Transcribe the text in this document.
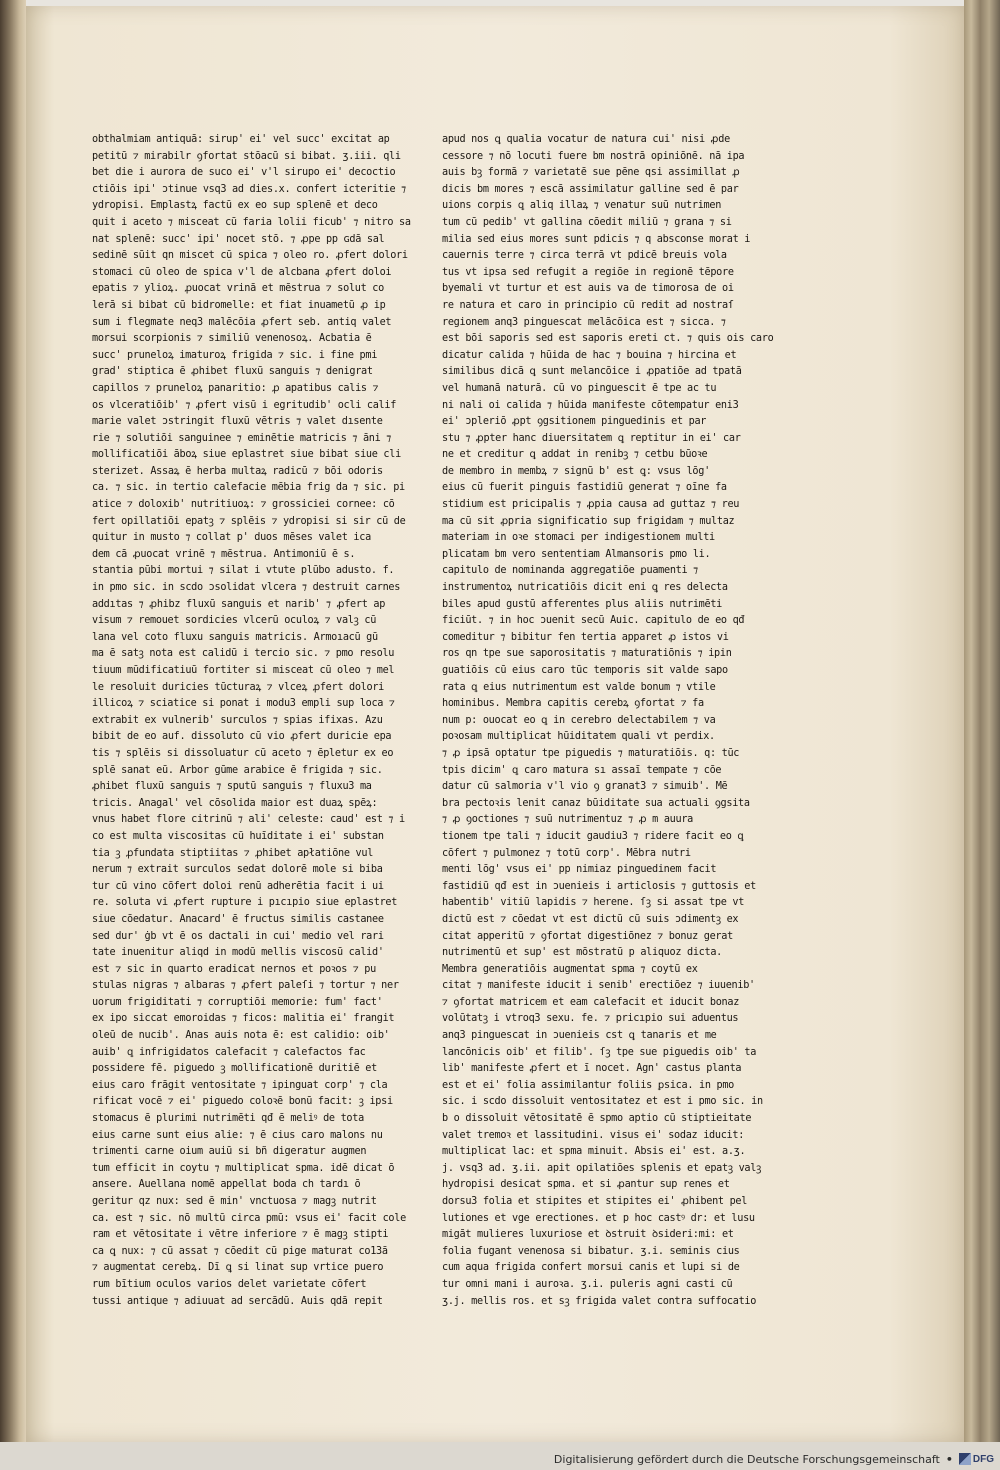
obthalmiam antiquā: sirup' ei' vel succ' excitat ap
petitū ⁊ mirabilr ꝯfortat stōacū si bibat. ʒ.iii. qli
bet die i aurora de suco ei' v'l sirupo ei' decoctio
ctiōis ipi' ɔtinue vsq3 ad dies.x. confert icteritie ⁊
ydropisi. Emplastꝝ factū ex eo sup splenē et deco
quit i aceto ⁊ misceat cū faria lolii ficub' ⁊ nitro sa
nat splenē: succ' ipi' nocet stō. ⁊ ꝓpe pp ɢdā sal
sedinē sūit qn miscet cū spica ⁊ oleo ro. ꝓfert dolori
stomaci cū oleo de spica v'l de alcbana ꝓfert doloi
epatis ⁊ ylioꝝ. ꝓuocat vrinā et mēstrua ⁊ solut co
lerā si bibat cū bidromelle: et fiat inuametū ꝓ ip
sum i flegmate neq3 malēcōia ꝓfert seb. antiq valet
morsui scorpionis ⁊ similiū venenosoꝝ. Acbatia ē
succ' pruneloꝝ imaturoꝝ frigida ⁊ sic. i fine pmi
grad' stiptica ē ꝓhibet fluxū sanguis ⁊ denigrat
capillos ⁊ pruneloꝝ panaritio: ꝓ apatibus calis ⁊
os vlceratiōib' ⁊ ꝓfert visū i egritudib' ocli calif
marie valet ɔstringit fluxū vētris ⁊ valet dısente
rie ⁊ solutiōi sanguinee ⁊ eminētie matricis ⁊ āni ⁊
mollificatiōi āboꝝ siue eplastret siue bibat siue cli
sterizet. Assaꝝ ē herba multaꝝ radicū ⁊ bōi odoris
ca. ⁊ sic. in tertio calefacie mēbia frig da ⁊ sic. pi
atice ⁊ doloxib' nutritiuoꝝ: ⁊ grossiciei cornee: cō
fert opillatiōi epatꝫ ⁊ splēis ⁊ ydropisi si sir cū de
quitur in musto ⁊ collat p' duos mēses valet ica
dem cā ꝓuocat vrinē ⁊ mēstrua. Antimoniū ē s.
stantia pūbi mortui ⁊ silat i vtute plūbo adusto. f.
in pmo sic. in scdo ɔsolidat vlcera ⁊ destruit carnes
addıtas ⁊ ꝓhibz fluxū sanguis et narib' ⁊ ꝓfert ap
visum ⁊ remouet sordicies vlcerū oculoꝝ ⁊ valꝫ cū
lana vel coto fluxu sanguis matricis. Armoıacū gū
ma ē satꝫ nota est calidū i tercio sic. ⁊ pmo resolu
tiuum mūdificatiuū fortiter si misceat cū oleo ⁊ mel
le resoluit duricies tūcturaꝝ ⁊ vlceꝝ ꝓfert dolori
illicoꝝ ⁊ sciatice si ponat i modu3 empli sup loca ⁊
extrabit ex vulnerib' surculos ⁊ spias ifixas. Azu
bibit de eo auf. dissoluto cū vio ꝓfert duricie epa
tis ⁊ splēis si dissoluatur cū aceto ⁊ ēpletur ex eo
splē sanat eū. Arbor gūme arabice ē frigida ⁊ sic.
ꝓhibet fluxū sanguis ⁊ sputū sanguis ⁊ fluxu3 ma
tricis. Anagal' vel cōsolida maior est duaꝝ spēꝝ:
vnus habet flore citrinū ⁊ ali' celeste: caud' est ⁊ i
co est multa viscositas cū huīditate i ei' substan
tia ꝫ ꝓfundata stiptiitas ⁊ ꝓhibet apłatiōne vul
nerum ⁊ extrait surculos sedat dolorē mole si biba
tur cū vino cōfert doloi renū adherētia facit i ui
re. soluta vi ꝓfert rupture i pıcıpio siue eplastret
siue cōedatur. Anacard' ē fructus similis castanee
sed dur' ġb vt ē os dactali in cui' medio vel rari
tate inuenitur aliqd in modū mellis viscosū calid'
est ⁊ sic in quarto eradicat nernos et poꝛos ⁊ pu
stulas nigras ⁊ albaras ⁊ ꝓfert paleſi ⁊ tortur ⁊ ner
uorum frigiditati ⁊ corruptiōi memorie: fum' fact'
ex ipo siccat emoroidas ⁊ ficos: malitia ei' frangit
oleū de nucib'. Anas auis nota ē: est calidio: oib'
auib' ꝗ infrigidatos calefacit ⁊ calefactos fac
possidere fē. piguedo ꝫ mollificationē duritiē et
eius caro frāgit ventositate ⁊ ipinguat corp' ⁊ cla
rificat vocē ⁊ ei' piguedo coloꝛē bonū facit: ꝫ ipsi
stomacus ē plurimi nutrimēti qđ ē meliꝰ de tota
eius carne sunt eius alie: ⁊ ē cius caro malons nu
trimenti carne oium auiū si bñ digeratur augmen
tum efficit in coytu ⁊ multiplicat spma. idē dicat ō
ansere. Auellana nomē appellat boda ch tardı ō
geritur qz nux: sed ē min' vnctuosa ⁊ magꝫ nutrit
ca. est ⁊ sic. nō multū circa pmū: vsus ei' facit cole
ram et vētositate i vētre inferiore ⁊ ē magꝫ stipti
ca ꝗ nux: ⁊ cū assat ⁊ cōedit cū pige maturat co13ā
⁊ augmentat cerebꝝ. Dī ꝗ si linat sup vrtice puero
rum bītium oculos varios delet varietate cōfert
tussi antique ⁊ adiuuat ad sercādū. Auis qdā repit
apud nos ꝗ qualia vocatur de natura cui' nisi ꝓde
cessore ⁊ nō locuti fuere bm nostrā opiniōnē. nā ipa
auis bꝫ formā ⁊ varietatē sue pēne qsi assimillat ꝓ
dicis bm mores ⁊ escā assimilatur galline sed ē par
uions corpis ꝗ aliq illaꝝ ⁊ venatur suū nutrimen
tum cū pedib' vt gallina cōedit miliū ⁊ grana ⁊ si
milia sed eius mores sunt pdicis ⁊ q absconse morat i
cauernis terre ⁊ circa terrā vt pdicē breuis vola
tus vt ipsa sed refugit a regiōe in regionē tēpore
byemali vt turtur et est auis va de timorosa de oi
re natura et caro in principio cū redit ad nostraſ
regionem anq3 pinguescat melācōica est ⁊ sicca. ⁊
est bōi saporis sed est saporis ereti ct. ⁊ quis ois caro
dicatur calida ⁊ hūida de hac ⁊ bouina ⁊ hircina et
similibus dicā ꝗ sunt melancōice i ꝓpatiōe ad tpatā
vel humanā naturā. cū vo pinguescit ē tpe ac tu
ni nali oi calida ⁊ hūida manifeste cōtempatur eni3
ei' ɔpleriō ꝓpt ꝯgsitionem pinguedinis et par
stu ⁊ ꝓpter hanc diuersitatem ꝗ reptitur in ei' car
ne et creditur ꝗ addat in renibꝫ ⁊ cetbu būoꝛe
de membro in membꝝ ⁊ signū b' est ꝗ: vsus lōg'
eius cū fuerit pinguis fastidiū generat ⁊ oīne fa
stidium est pricipalis ⁊ ꝓpia causa ad guttaz ⁊ reu
ma cū sit ꝓpria significatio sup frigidam ⁊ multaz
materiam in oꝛe stomaci per indigestionem multi
plicatam bm vero sententiam Almansoris pmo li.
capitulo de nominanda aggregatiōe ꝑuamenti ⁊
instrumentoꝝ nutricatiōis dicit eni ꝗ res delecta
biles apud gustū afferentes plus aliis nutrimēti
ficiūt. ⁊ in hoc ɔuenit secū Auic. capitulo de eo qđ
comeditur ⁊ bibitur fen tertia apparet ꝓ istos vi
ros qn tpe sue saporositatis ⁊ maturatiōnis ⁊ ipin
guatiōis cū eius caro tūc temporis sit valde sapo
rata ꝗ eius nutrimentum est valde bonum ⁊ vtile
hominibus. Membra capitis cerebꝝ ꝯfortat ⁊ fa
num p: ouocat eo ꝗ in cerebro delectabilem ⁊ va
poꝛosam multiplicat hūiditatem quali vt perdix.
⁊ ꝓ ipsā optatur tpe piguedis ⁊ maturatiōis. q: tūc
tpis dicim' ꝗ caro matura sı assaī tempate ⁊ cōe
datur cū salmoria v'l vio ꝯ granat3 ⁊ simuib'. Mē
bra pectoꝛis lenit canaz būiditate sua actuali ꝯgsita
⁊ ꝓ ꝯoctiones ⁊ suū nutrimentuz ⁊ ꝓ m auura
tionem tpe tali ⁊ iducit gaudiu3 ⁊ ridere facit eo ꝗ
cōfert ⁊ pulmonez ⁊ totū corp'. Mēbra nutri
menti lōg' vsus ei' pp nimiaz pinguedinem facit
fastidiū qđ est in ɔuenieis i articlosis ⁊ guttosis et
habentib' vitiū lapidis ⁊ herene. ſꝫ si assat tpe vt
dictū est ⁊ cōedat vt est dictū cū suis ɔdimentꝫ ex
citat apperitū ⁊ ꝯfortat digestiōnez ⁊ bonuz gerat
nutrimentū et sup' est mōstratū p aliquoz dicta.
Membra generatiōis augmentat spma ⁊ coytū ex
citat ⁊ manifeste iducit i senib' erectiōez ⁊ iuuenib'
⁊ ꝯfortat matricem et eam calefacit et iducit bonaz
volūtatꝫ i vtroq3 sexu. fe. ⁊ pricıpio sui aduentus
anq3 pinguescat in ɔuenieis cst ꝗ tanaris et me
lancōnicis oib' et filib'. ſꝫ tpe sue piguedis oib' ta
lib' manifeste ꝓfert et ī nocet. Agn' castus planta
est et ei' folia assimilantur foliis ꝑsica. in pmo
sic. i scdo dissoluit ventositatez et est i pmo sic. in
b o dissoluit vētositatē ē spmo aptio cū stiptieitate
valet tremoꝛ et lassitudini. visus ei' sodaz iducit:
multiplicat lac: et spma minuit. Absis ei' est. a.ʒ.
j. vsq3 ad. ʒ.ii. apit opilatiōes splenis et epatꝫ valꝫ
hydropisi desicat spma. et si ꝓantur sup renes et
dorsu3 folia et stipites et stipites ei' ꝓhibent pel
lutiones et vge erectiones. et p hoc castꝰ dr: et lusu
migāt mulieres luxuriose et ꝺstruit ꝺsideri:mi: et
folia fugant venenosa si bibatur. ʒ.i. seminis cius
cum aqua frigida confert morsui canis et lupi si de
tur omni mani i auroꝛa. ʒ.i. puleris agni casti cū
ʒ.j. mellis ros. et sꝫ frigida valet contra suffocatio
Digitalisierung gefördert durch die Deutsche Forschungsgemeinschaft • DFG
